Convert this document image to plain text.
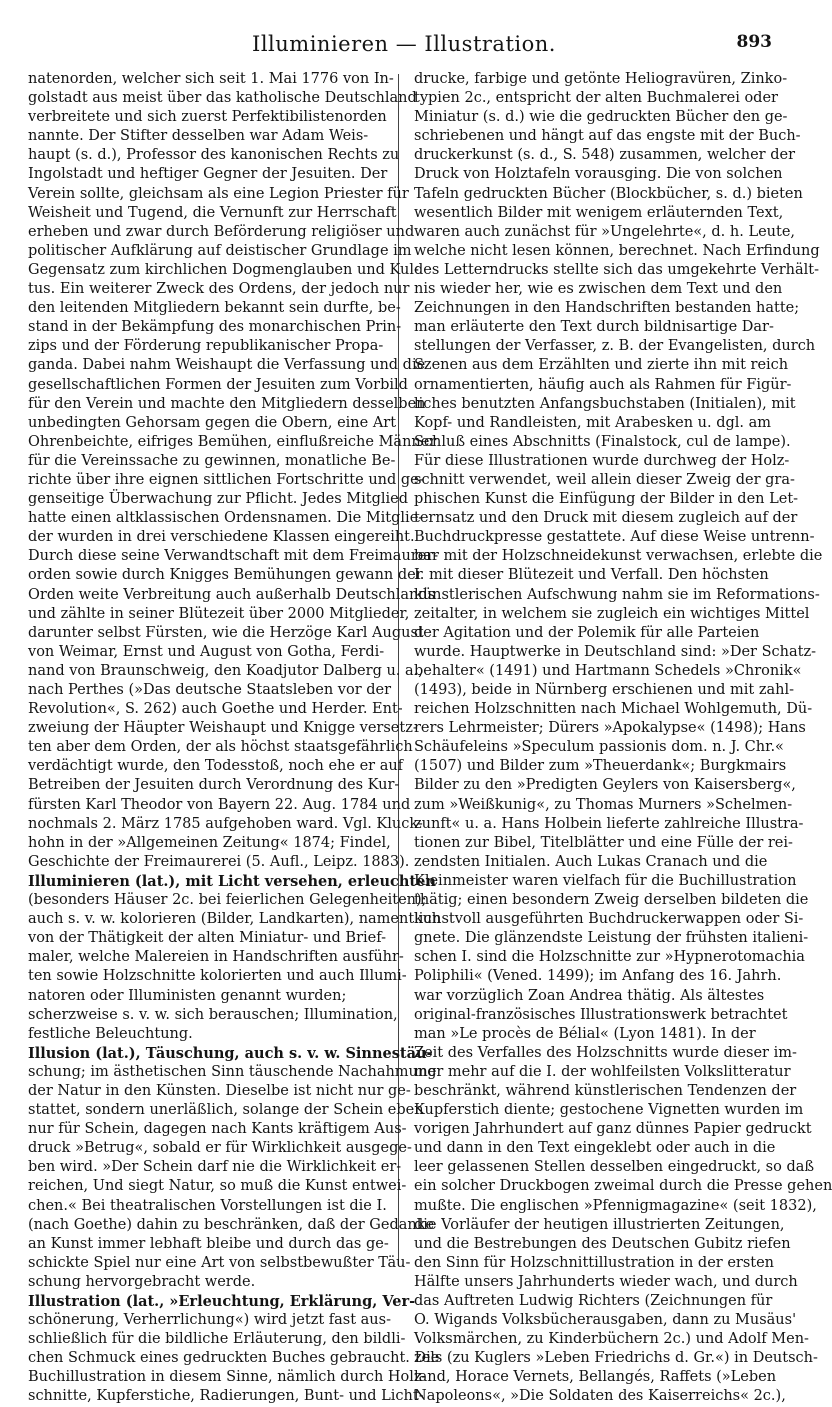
Illuminieren — Illustration.	893
natenorden, welcher sich seit 1. Mai 1776 von In-
golstadt aus meist über das katholische Deutschland
verbreitete und sich zuerst Perfektibilistenorden
nannte. Der Stifter desselben war Adam Weis-
haupt (s. d.), Professor des kanonischen Rechts zu
Ingolstadt und heftiger Gegner der Jesuiten. Der
Verein sollte, gleichsam als eine Legion Priester für
Weisheit und Tugend, die Vernunft zur Herrschaft
erheben und zwar durch Beförderung religiöser und
politischer Aufklärung auf deistischer Grundlage im
Gegensatz zum kirchlichen Dogmenglauben und Kul-
tus. Ein weiterer Zweck des Ordens, der jedoch nur
den leitenden Mitgliedern bekannt sein durfte, be-
stand in der Bekämpfung des monarchischen Prin-
zips und der Förderung republikanischer Propa-
ganda. Dabei nahm Weishaupt die Verfassung und die
gesellschaftlichen Formen der Jesuiten zum Vorbild
für den Verein und machte den Mitgliedern desselben
unbedingten Gehorsam gegen die Obern, eine Art
Ohrenbeichte, eifriges Bemühen, einflußreiche Männer
für die Vereinssache zu gewinnen, monatliche Be-
richte über ihre eignen sittlichen Fortschritte und ge-
genseitige Überwachung zur Pflicht. Jedes Mitglied
hatte einen altklassischen Ordensnamen. Die Mitglie-
der wurden in drei verschiedene Klassen eingereiht.
Durch diese seine Verwandtschaft mit dem Freimaurer-
orden sowie durch Knigges Bemühungen gewann der
Orden weite Verbreitung auch außerhalb Deutschlands
und zählte in seiner Blütezeit über 2000 Mitglieder,
darunter selbst Fürsten, wie die Herzöge Karl August
von Weimar, Ernst und August von Gotha, Ferdi-
nand von Braunschweig, den Koadjutor Dalberg u. a.,
nach Perthes (»Das deutsche Staatsleben vor der
Revolution«, S. 262) auch Goethe und Herder. Ent-
zweiung der Häupter Weishaupt und Knigge versetz-
ten aber dem Orden, der als höchst staatsgefährlich
verdächtigt wurde, den Todesstoß, noch ehe er auf
Betreiben der Jesuiten durch Verordnung des Kur-
fürsten Karl Theodor von Bayern 22. Aug. 1784 und
nochmals 2. März 1785 aufgehoben ward. Vgl. Kluck-
hohn in der »Allgemeinen Zeitung« 1874; Findel,
Geschichte der Freimaurerei (5. Aufl., Leipz. 1883).
Illuminieren (lat.), mit Licht versehen, erleuchten
(besonders Häuser 2c. bei feierlichen Gelegenheiten);
auch s. v. w. kolorieren (Bilder, Landkarten), namentlich
von der Thätigkeit der alten Miniatur- und Brief-
maler, welche Malereien in Handschriften ausführ-
ten sowie Holzschnitte kolorierten und auch Illumi-
natoren oder Illuministen genannt wurden;
scherzweise s. v. w. sich berauschen; Illumination,
festliche Beleuchtung.
Illusion (lat.), Täuschung, auch s. v. w. Sinnestäu-
schung; im ästhetischen Sinn täuschende Nachahmung
der Natur in den Künsten. Dieselbe ist nicht nur ge-
stattet, sondern unerläßlich, solange der Schein eben
nur für Schein, dagegen nach Kants kräftigem Aus-
druck »Betrug«, sobald er für Wirklichkeit ausgege-
ben wird. »Der Schein darf nie die Wirklichkeit er-
reichen, Und siegt Natur, so muß die Kunst entwei-
chen.« Bei theatralischen Vorstellungen ist die I.
(nach Goethe) dahin zu beschränken, daß der Gedanke
an Kunst immer lebhaft bleibe und durch das ge-
schickte Spiel nur eine Art von selbstbewußter Täu-
schung hervorgebracht werde.
Illustration (lat., »Erleuchtung, Erklärung, Ver-
schönerung, Verherrlichung«) wird jetzt fast aus-
schließlich für die bildliche Erläuterung, den bildli-
chen Schmuck eines gedruckten Buches gebraucht. Die
Buchillustration in diesem Sinne, nämlich durch Holz-
schnitte, Kupferstiche, Radierungen, Bunt- und Licht-
drucke, farbige und getönte Heliogravüren, Zinko-
typien 2c., entspricht der alten Buchmalerei oder
Miniatur (s. d.) wie die gedruckten Bücher den ge-
schriebenen und hängt auf das engste mit der Buch-
druckerkunst (s. d., S. 548) zusammen, welcher der
Druck von Holztafeln vorausging. Die von solchen
Tafeln gedruckten Bücher (Blockbücher, s. d.) bieten
wesentlich Bilder mit wenigem erläuternden Text,
waren auch zunächst für »Ungelehrte«, d. h. Leute,
welche nicht lesen können, berechnet. Nach Erfindung
des Letterndrucks stellte sich das umgekehrte Verhält-
nis wieder her, wie es zwischen dem Text und den
Zeichnungen in den Handschriften bestanden hatte;
man erläuterte den Text durch bildnisartige Dar-
stellungen der Verfasser, z. B. der Evangelisten, durch
Szenen aus dem Erzählten und zierte ihn mit reich
ornamentierten, häufig auch als Rahmen für Figür-
liches benutzten Anfangsbuchstaben (Initialen), mit
Kopf- und Randleisten, mit Arabesken u. dgl. am
Schluß eines Abschnitts (Finalstock, cul de lampe).
Für diese Illustrationen wurde durchweg der Holz-
schnitt verwendet, weil allein dieser Zweig der gra-
phischen Kunst die Einfügung der Bilder in den Let-
ternsatz und den Druck mit diesem zugleich auf der
Buchdruckpresse gestattete. Auf diese Weise untrenn-
bar mit der Holzschneidekunst verwachsen, erlebte die
I. mit dieser Blütezeit und Verfall. Den höchsten
künstlerischen Aufschwung nahm sie im Reformations-
zeitalter, in welchem sie zugleich ein wichtiges Mittel
der Agitation und der Polemik für alle Parteien
wurde. Hauptwerke in Deutschland sind: »Der Schatz-
behalter« (1491) und Hartmann Schedels »Chronik«
(1493), beide in Nürnberg erschienen und mit zahl-
reichen Holzschnitten nach Michael Wohlgemuth, Dü-
rers Lehrmeister; Dürers »Apokalypse« (1498); Hans
Schäufeleins »Speculum passionis dom. n. J. Chr.«
(1507) und Bilder zum »Theuerdank«; Burgkmairs
Bilder zu den »Predigten Geylers von Kaisersberg«,
zum »Weißkunig«, zu Thomas Murners »Schelmen-
zunft« u. a. Hans Holbein lieferte zahlreiche Illustra-
tionen zur Bibel, Titelblätter und eine Fülle der rei-
zendsten Initialen. Auch Lukas Cranach und die
Kleinmeister waren vielfach für die Buchillustration
thätig; einen besondern Zweig derselben bildeten die
kunstvoll ausgeführten Buchdruckerwappen oder Si-
gnete. Die glänzendste Leistung der frühsten italieni-
schen I. sind die Holzschnitte zur »Hypnerotomachia
Poliphili« (Vened. 1499); im Anfang des 16. Jahrh.
war vorzüglich Zoan Andrea thätig. Als ältestes
original-französisches Illustrationswerk betrachtet
man »Le procès de Bélial« (Lyon 1481). In der
Zeit des Verfalles des Holzschnitts wurde dieser im-
mer mehr auf die I. der wohlfeilsten Volkslitteratur
beschränkt, während künstlerischen Tendenzen der
Kupferstich diente; gestochene Vignetten wurden im
vorigen Jahrhundert auf ganz dünnes Papier gedruckt
und dann in den Text eingeklebt oder auch in die
leer gelassenen Stellen desselben eingedruckt, so daß
ein solcher Druckbogen zweimal durch die Presse gehen
mußte. Die englischen »Pfennigmagazine« (seit 1832),
die Vorläufer der heutigen illustrierten Zeitungen,
und die Bestrebungen des Deutschen Gubitz riefen
den Sinn für Holzschnittillustration in der ersten
Hälfte unsers Jahrhunderts wieder wach, und durch
das Auftreten Ludwig Richters (Zeichnungen für
O. Wigands Volksbücherausgaben, dann zu Musäus'
Volksmärchen, zu Kinderbüchern 2c.) und Adolf Men-
zels (zu Kuglers »Leben Friedrichs d. Gr.«) in Deutsch-
land, Horace Vernets, Bellangés, Raffets (»Leben
Napoleons«, »Die Soldaten des Kaiserreichs« 2c.),
